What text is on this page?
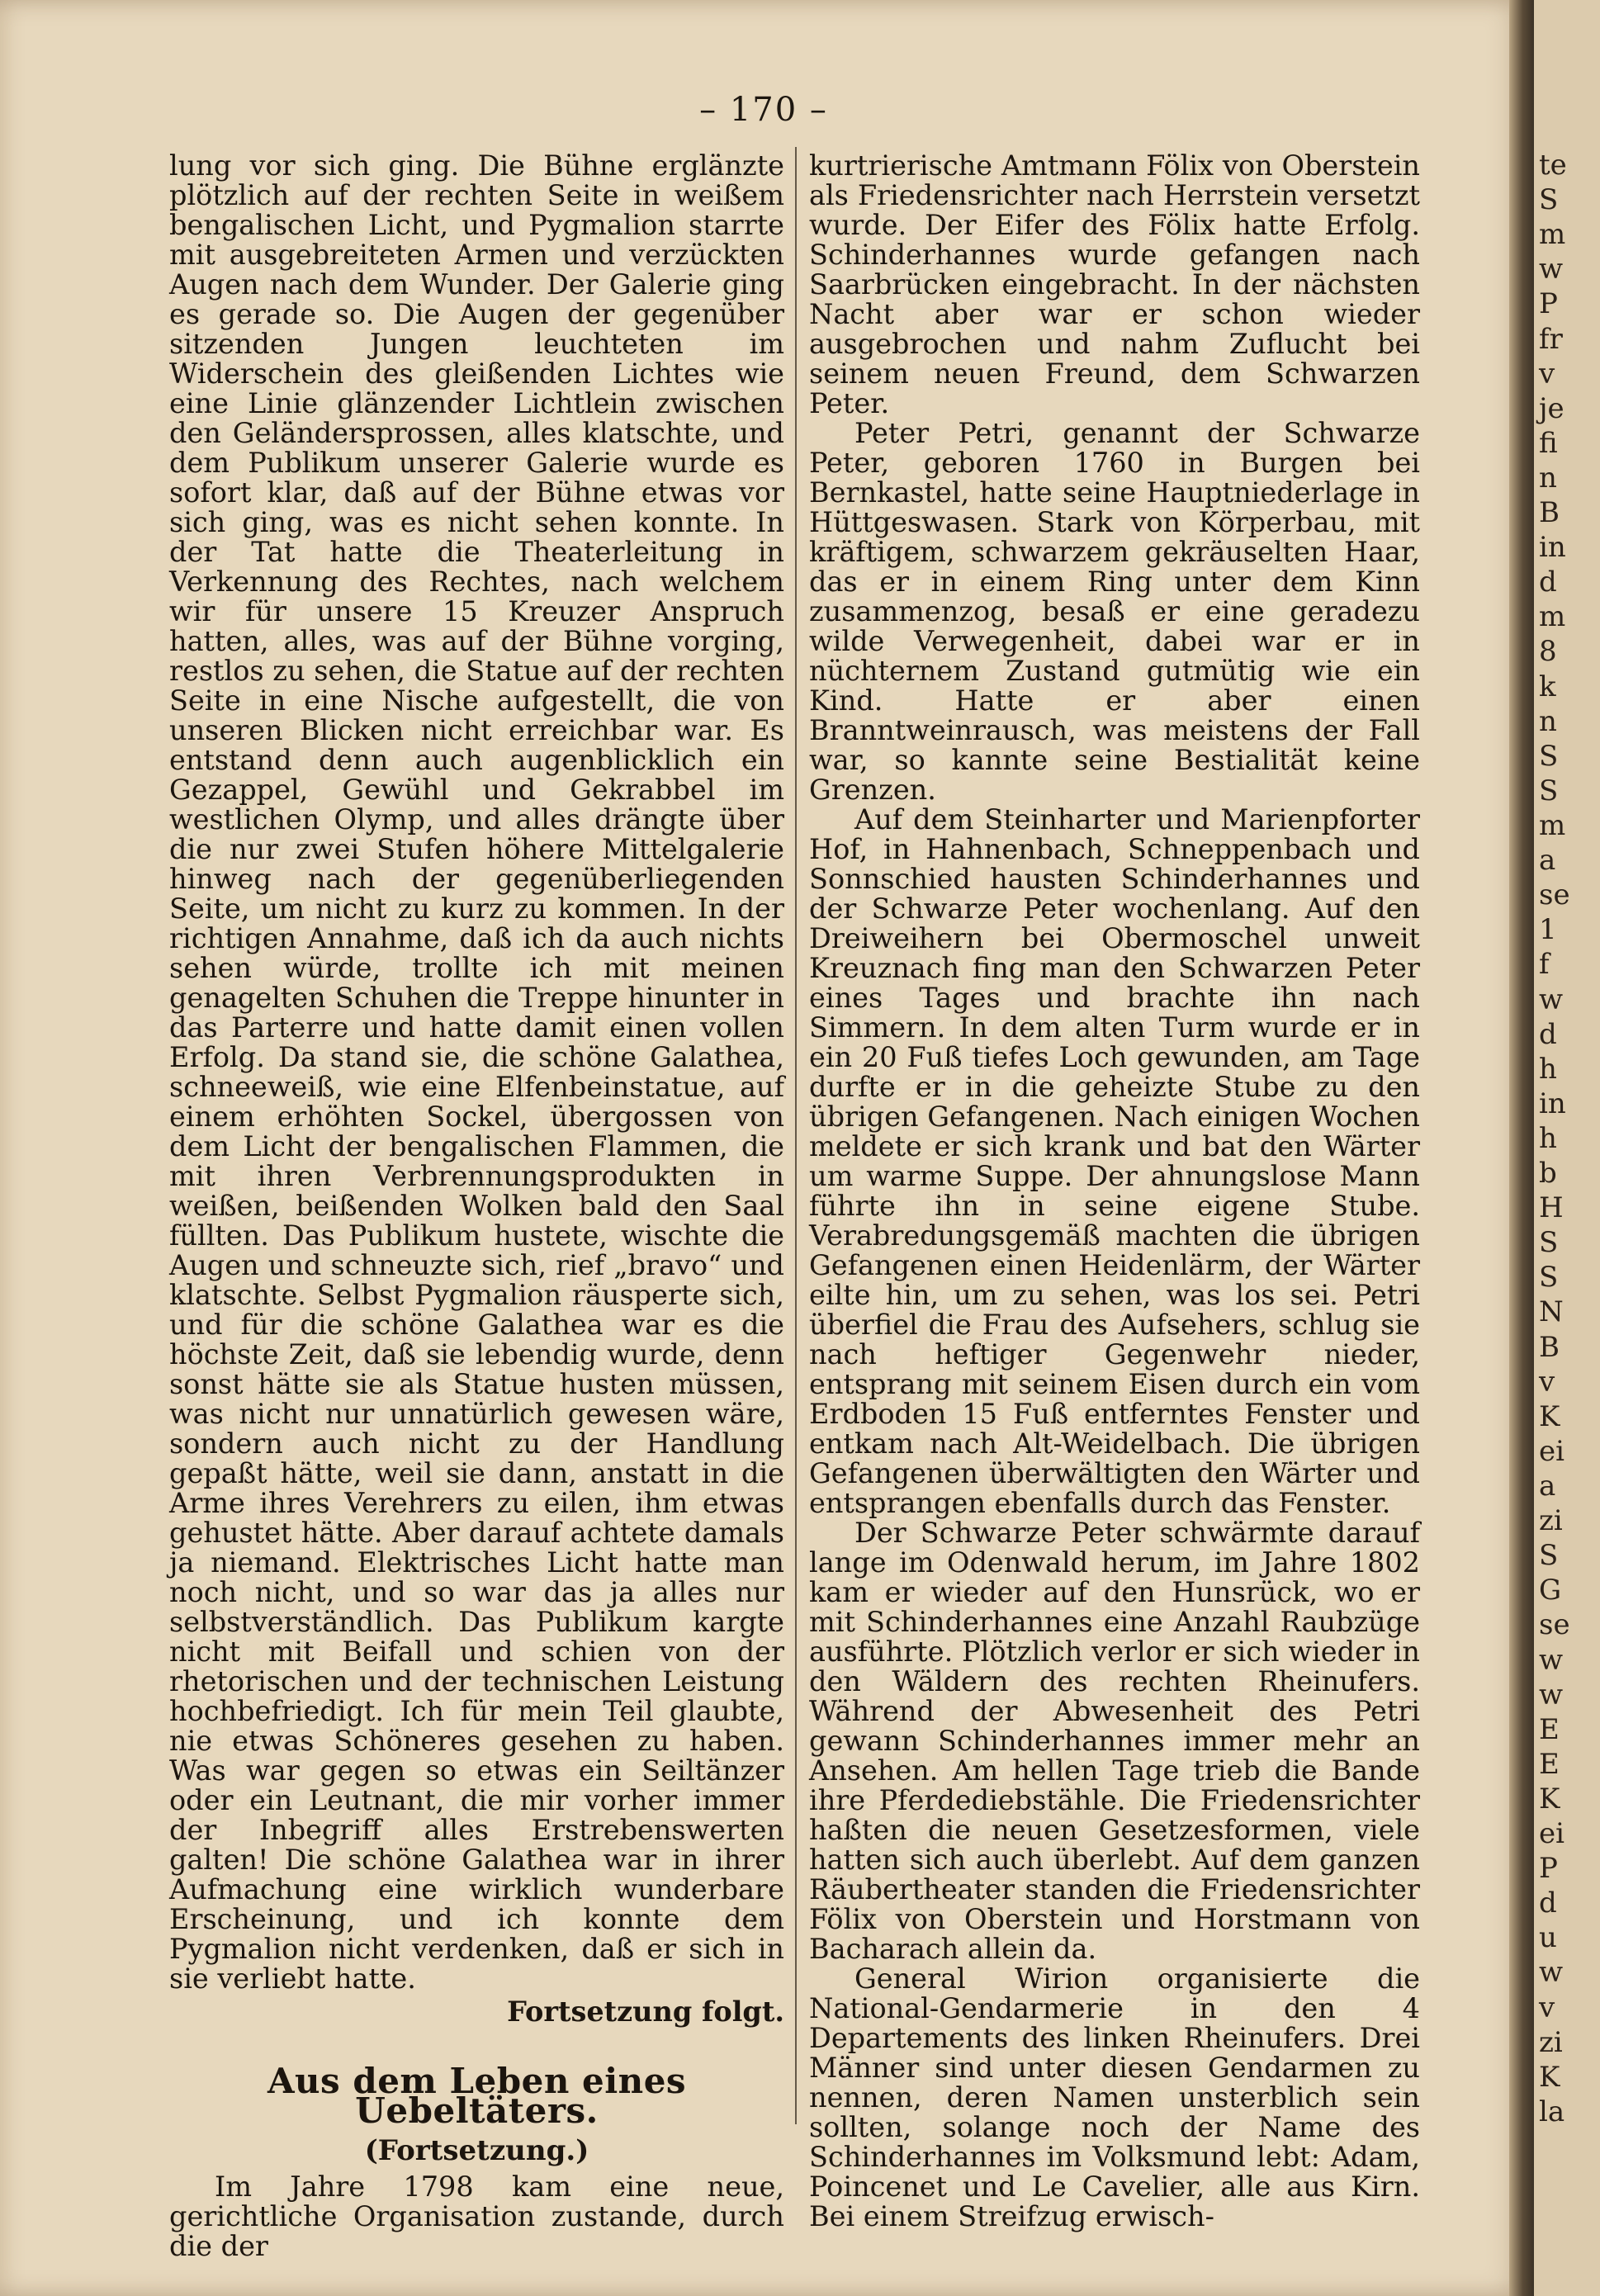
– 170 –

lung vor sich ging. Die Bühne erglänzte plötzlich auf der rechten Seite in weißem bengalischen Licht, und Pygmalion starrte mit ausgebreiteten Armen und verzückten Augen nach dem Wunder. Der Galerie ging es gerade so. Die Augen der gegenüber sitzenden Jungen leuchteten im Widerschein des gleißenden Lichtes wie eine Linie glänzender Lichtlein zwischen den Geländersprossen, alles klatschte, und dem Publikum unserer Galerie wurde es sofort klar, daß auf der Bühne etwas vor sich ging, was es nicht sehen konnte. In der Tat hatte die Theaterleitung in Verkennung des Rechtes, nach welchem wir für unsere 15 Kreuzer Anspruch hatten, alles, was auf der Bühne vorging, restlos zu sehen, die Statue auf der rechten Seite in eine Nische aufgestellt, die von unseren Blicken nicht erreichbar war. Es entstand denn auch augenblicklich ein Gezappel, Gewühl und Gekrabbel im westlichen Olymp, und alles drängte über die nur zwei Stufen höhere Mittelgalerie hinweg nach der gegenüberliegenden Seite, um nicht zu kurz zu kommen. In der richtigen Annahme, daß ich da auch nichts sehen würde, trollte ich mit meinen genagelten Schuhen die Treppe hinunter in das Parterre und hatte damit einen vollen Erfolg. Da stand sie, die schöne Galathea, schneeweiß, wie eine Elfenbeinstatue, auf einem erhöhten Sockel, übergossen von dem Licht der bengalischen Flammen, die mit ihren Verbrennungsprodukten in weißen, beißenden Wolken bald den Saal füllten. Das Publikum hustete, wischte die Augen und schneuzte sich, rief „bravo“ und klatschte. Selbst Pygmalion räusperte sich, und für die schöne Galathea war es die höchste Zeit, daß sie lebendig wurde, denn sonst hätte sie als Statue husten müssen, was nicht nur unnatürlich gewesen wäre, sondern auch nicht zu der Handlung gepaßt hätte, weil sie dann, anstatt in die Arme ihres Verehrers zu eilen, ihm etwas gehustet hätte. Aber darauf achtete damals ja niemand. Elektrisches Licht hatte man noch nicht, und so war das ja alles nur selbstverständlich. Das Publikum kargte nicht mit Beifall und schien von der rhetorischen und der technischen Leistung hochbefriedigt. Ich für mein Teil glaubte, nie etwas Schöneres gesehen zu haben. Was war gegen so etwas ein Seiltänzer oder ein Leutnant, die mir vorher immer der Inbegriff alles Erstrebenswerten galten! Die schöne Galathea war in ihrer Aufmachung eine wirklich wunderbare Erscheinung, und ich konnte dem Pygmalion nicht verdenken, daß er sich in sie verliebt hatte.

Fortsetzung folgt.

Aus dem Leben eines Uebeltäters.
(Fortsetzung.)

Im Jahre 1798 kam eine neue, gerichtliche Organisation zustande, durch die der

kurtrierische Amtmann Fölix von Oberstein als Friedensrichter nach Herrstein versetzt wurde. Der Eifer des Fölix hatte Erfolg. Schinderhannes wurde gefangen nach Saarbrücken eingebracht. In der nächsten Nacht aber war er schon wieder ausgebrochen und nahm Zuflucht bei seinem neuen Freund, dem Schwarzen Peter.

Peter Petri, genannt der Schwarze Peter, geboren 1760 in Burgen bei Bernkastel, hatte seine Hauptniederlage in Hüttgeswasen. Stark von Körperbau, mit kräftigem, schwarzem gekräuselten Haar, das er in einem Ring unter dem Kinn zusammenzog, besaß er eine geradezu wilde Verwegenheit, dabei war er in nüchternem Zustand gutmütig wie ein Kind. Hatte er aber einen Branntweinrausch, was meistens der Fall war, so kannte seine Bestialität keine Grenzen.

Auf dem Steinharter und Marienpforter Hof, in Hahnenbach, Schneppenbach und Sonnschied hausten Schinderhannes und der Schwarze Peter wochenlang. Auf den Dreiweihern bei Obermoschel unweit Kreuznach fing man den Schwarzen Peter eines Tages und brachte ihn nach Simmern. In dem alten Turm wurde er in ein 20 Fuß tiefes Loch gewunden, am Tage durfte er in die geheizte Stube zu den übrigen Gefangenen. Nach einigen Wochen meldete er sich krank und bat den Wärter um warme Suppe. Der ahnungslose Mann führte ihn in seine eigene Stube. Verabredungsgemäß machten die übrigen Gefangenen einen Heidenlärm, der Wärter eilte hin, um zu sehen, was los sei. Petri überfiel die Frau des Aufsehers, schlug sie nach heftiger Gegenwehr nieder, entsprang mit seinem Eisen durch ein vom Erdboden 15 Fuß entferntes Fenster und entkam nach Alt-Weidelbach. Die übrigen Gefangenen überwältigten den Wärter und entsprangen ebenfalls durch das Fenster.

Der Schwarze Peter schwärmte darauf lange im Odenwald herum, im Jahre 1802 kam er wieder auf den Hunsrück, wo er mit Schinderhannes eine Anzahl Raubzüge ausführte. Plötzlich verlor er sich wieder in den Wäldern des rechten Rheinufers. Während der Abwesenheit des Petri gewann Schinderhannes immer mehr an Ansehen. Am hellen Tage trieb die Bande ihre Pferdediebstähle. Die Friedensrichter haßten die neuen Gesetzesformen, viele hatten sich auch überlebt. Auf dem ganzen Räubertheater standen die Friedensrichter Fölix von Oberstein und Horstmann von Bacharach allein da.

General Wirion organisierte die National-Gendarmerie in den 4 Departements des linken Rheinufers. Drei Männer sind unter diesen Gendarmen zu nennen, deren Namen unsterblich sein sollten, solange noch der Name des Schinderhannes im Volksmund lebt: Adam, Poincenet und Le Cavelier, alle aus Kirn. Bei einem Streifzug erwisch-

te
S
m
w
P
fr
v
je
fi
n
B
in
d
m
8
k
n
S
S
m
a
se
1
f
w
d
h
in
h
b
H
S
S
N
B
v
K
ei
a
zi
S
G
se
w
w
E
E
K
ei
P
d
u
w
v
zi
K
la
